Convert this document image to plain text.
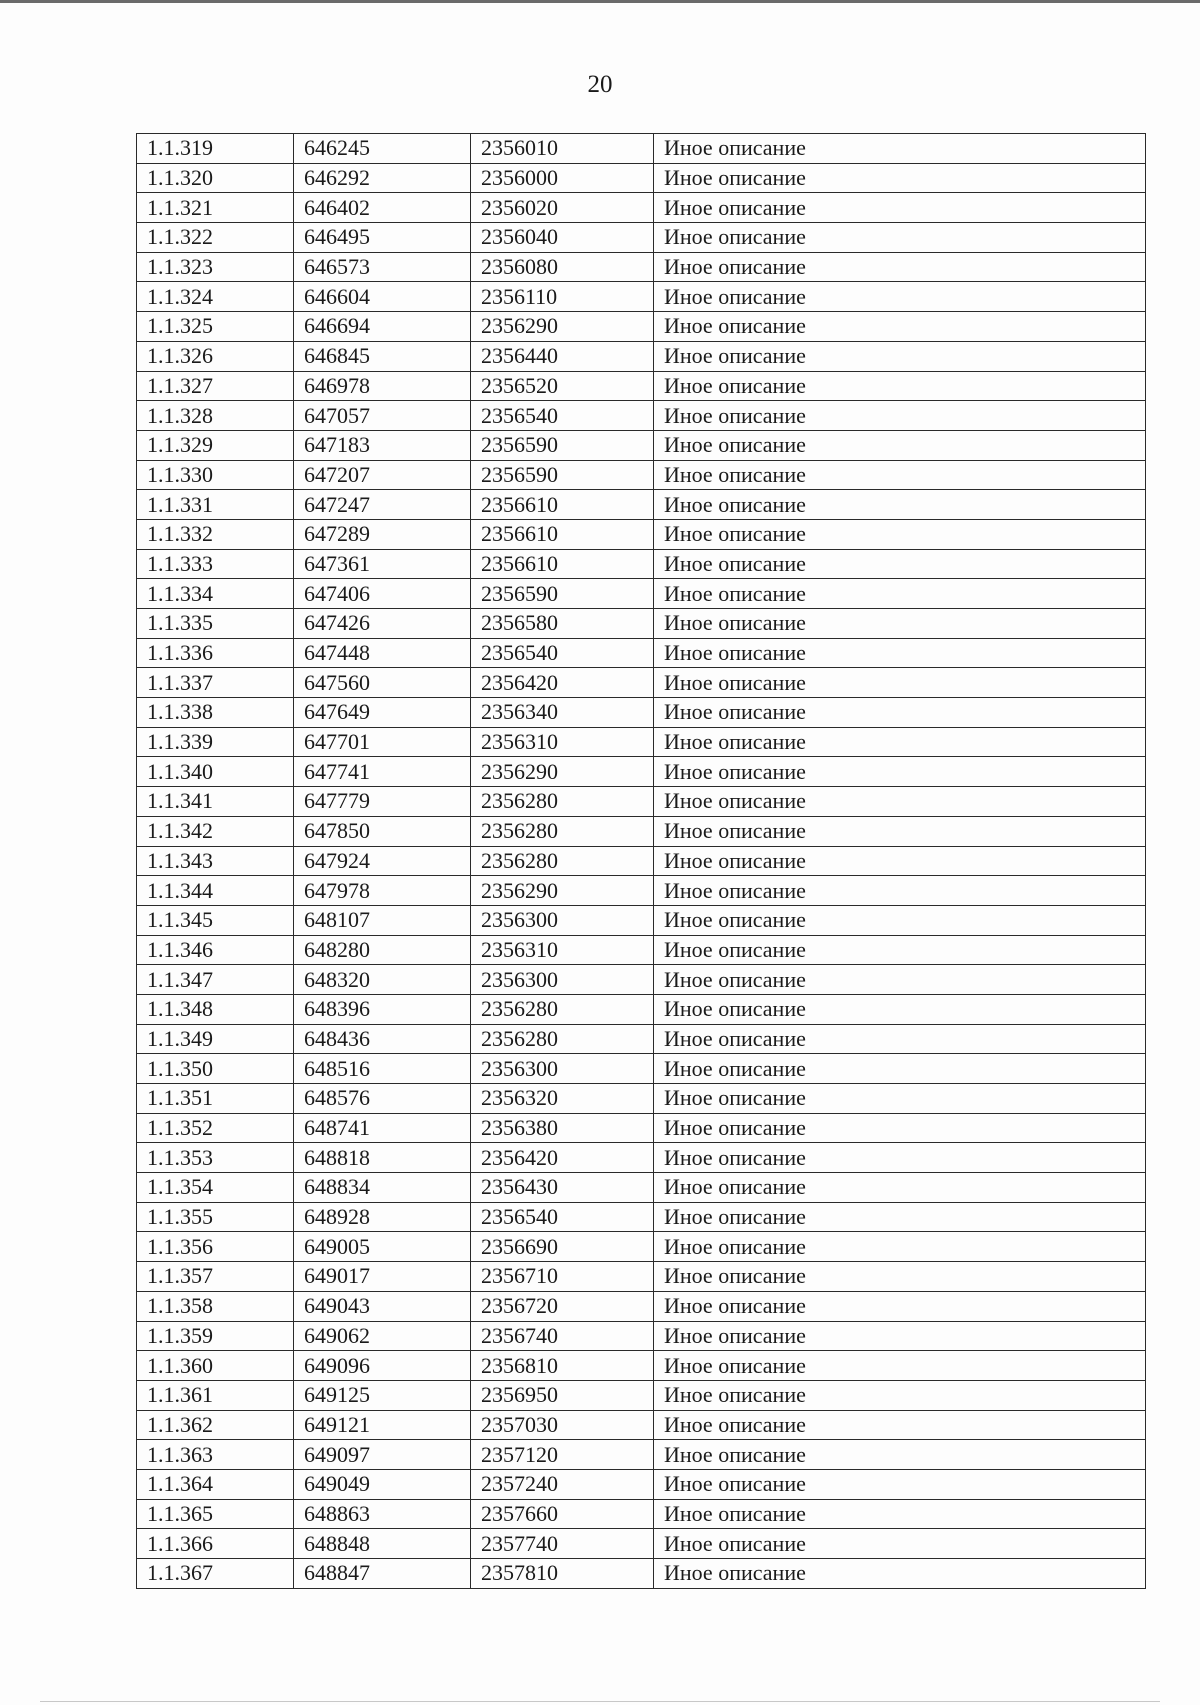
20
1.1.319	646245	2356010	Иное описание
1.1.320	646292	2356000	Иное описание
1.1.321	646402	2356020	Иное описание
1.1.322	646495	2356040	Иное описание
1.1.323	646573	2356080	Иное описание
1.1.324	646604	2356110	Иное описание
1.1.325	646694	2356290	Иное описание
1.1.326	646845	2356440	Иное описание
1.1.327	646978	2356520	Иное описание
1.1.328	647057	2356540	Иное описание
1.1.329	647183	2356590	Иное описание
1.1.330	647207	2356590	Иное описание
1.1.331	647247	2356610	Иное описание
1.1.332	647289	2356610	Иное описание
1.1.333	647361	2356610	Иное описание
1.1.334	647406	2356590	Иное описание
1.1.335	647426	2356580	Иное описание
1.1.336	647448	2356540	Иное описание
1.1.337	647560	2356420	Иное описание
1.1.338	647649	2356340	Иное описание
1.1.339	647701	2356310	Иное описание
1.1.340	647741	2356290	Иное описание
1.1.341	647779	2356280	Иное описание
1.1.342	647850	2356280	Иное описание
1.1.343	647924	2356280	Иное описание
1.1.344	647978	2356290	Иное описание
1.1.345	648107	2356300	Иное описание
1.1.346	648280	2356310	Иное описание
1.1.347	648320	2356300	Иное описание
1.1.348	648396	2356280	Иное описание
1.1.349	648436	2356280	Иное описание
1.1.350	648516	2356300	Иное описание
1.1.351	648576	2356320	Иное описание
1.1.352	648741	2356380	Иное описание
1.1.353	648818	2356420	Иное описание
1.1.354	648834	2356430	Иное описание
1.1.355	648928	2356540	Иное описание
1.1.356	649005	2356690	Иное описание
1.1.357	649017	2356710	Иное описание
1.1.358	649043	2356720	Иное описание
1.1.359	649062	2356740	Иное описание
1.1.360	649096	2356810	Иное описание
1.1.361	649125	2356950	Иное описание
1.1.362	649121	2357030	Иное описание
1.1.363	649097	2357120	Иное описание
1.1.364	649049	2357240	Иное описание
1.1.365	648863	2357660	Иное описание
1.1.366	648848	2357740	Иное описание
1.1.367	648847	2357810	Иное описание
